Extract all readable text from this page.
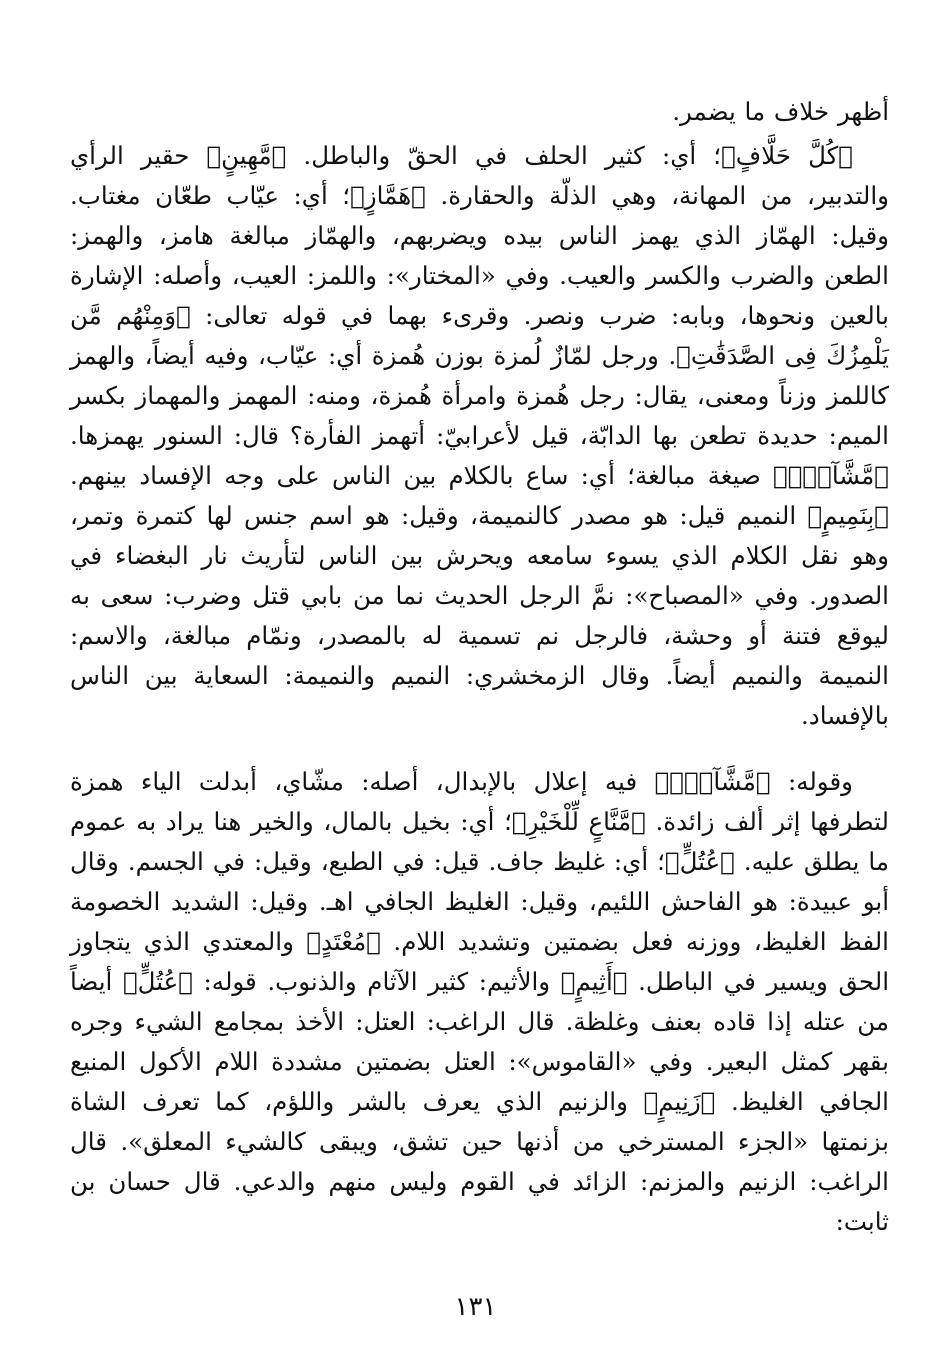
أظهر خلاف ما يضمر.

﴿كُلَّ حَلَّافٍ﴾؛ أي: كثير الحلف في الحقّ والباطل. ﴿مَّهِينٍ﴾ حقير الرأي والتدبير، من المهانة، وهي الذلّة والحقارة. ﴿هَمَّازٍ﴾؛ أي: عيّاب طعّان مغتاب. وقيل: الهمّاز الذي يهمز الناس بيده ويضربهم، والهمّاز مبالغة هامز، والهمز: الطعن والضرب والكسر والعيب. وفي «المختار»: واللمز: العيب، وأصله: الإشارة بالعين ونحوها، وبابه: ضرب ونصر. وقرىء بهما في قوله تعالى: ﴿وَمِنْهُم مَّن يَلْمِزُكَ فِى الصَّدَقَٰتِ﴾. ورجل لمّازٌ لُمزة بوزن هُمزة أي: عيّاب، وفيه أيضاً، والهمز كاللمز وزناً ومعنى، يقال: رجل هُمزة وامرأة هُمزة، ومنه: المهمز والمهماز بكسر الميم: حديدة تطعن بها الدابّة، قيل لأعرابيّ: أتهمز الفأرة؟ قال: السنور يهمزها. ﴿مَّشَّآءِۭ﴾ صيغة مبالغة؛ أي: ساع بالكلام بين الناس على وجه الإفساد بينهم. ﴿بِنَمِيمٍ﴾ النميم قيل: هو مصدر كالنميمة، وقيل: هو اسم جنس لها كتمرة وتمر، وهو نقل الكلام الذي يسوء سامعه ويحرش بين الناس لتأريث نار البغضاء في الصدور. وفي «المصباح»: نمَّ الرجل الحديث نما من بابي قتل وضرب: سعى به ليوقع فتنة أو وحشة، فالرجل نم تسمية له بالمصدر، ونمّام مبالغة، والاسم: النميمة والنميم أيضاً. وقال الزمخشري: النميم والنميمة: السعاية بين الناس بالإفساد.

وقوله: ﴿مَّشَّآءِۭ﴾ فيه إعلال بالإبدال، أصله: مشّاي، أبدلت الياء همزة لتطرفها إثر ألف زائدة. ﴿مَّنَّاعٍ لِّلْخَيْرِ﴾؛ أي: بخيل بالمال، والخير هنا يراد به عموم ما يطلق عليه. ﴿عُتُلٍّ﴾؛ أي: غليظ جاف. قيل: في الطبع، وقيل: في الجسم. وقال أبو عبيدة: هو الفاحش اللئيم، وقيل: الغليظ الجافي اهـ. وقيل: الشديد الخصومة الفظ الغليظ، ووزنه فعل بضمتين وتشديد اللام. ﴿مُعْتَدٍ﴾ والمعتدي الذي يتجاوز الحق ويسير في الباطل. ﴿أَثِيمٍ﴾ والأثيم: كثير الآثام والذنوب. قوله: ﴿عُتُلٍّ﴾ أيضاً من عتله إذا قاده بعنف وغلظة. قال الراغب: العتل: الأخذ بمجامع الشيء وجره بقهر كمثل البعير. وفي «القاموس»: العتل بضمتين مشددة اللام الأكول المنيع الجافي الغليظ. ﴿زَنِيمٍ﴾ والزنيم الذي يعرف بالشر واللؤم، كما تعرف الشاة بزنمتها «الجزء المسترخي من أذنها حين تشق، ويبقى كالشيء المعلق». قال الراغب: الزنيم والمزنم: الزائد في القوم وليس منهم والدعي. قال حسان بن ثابت:

١٣١
